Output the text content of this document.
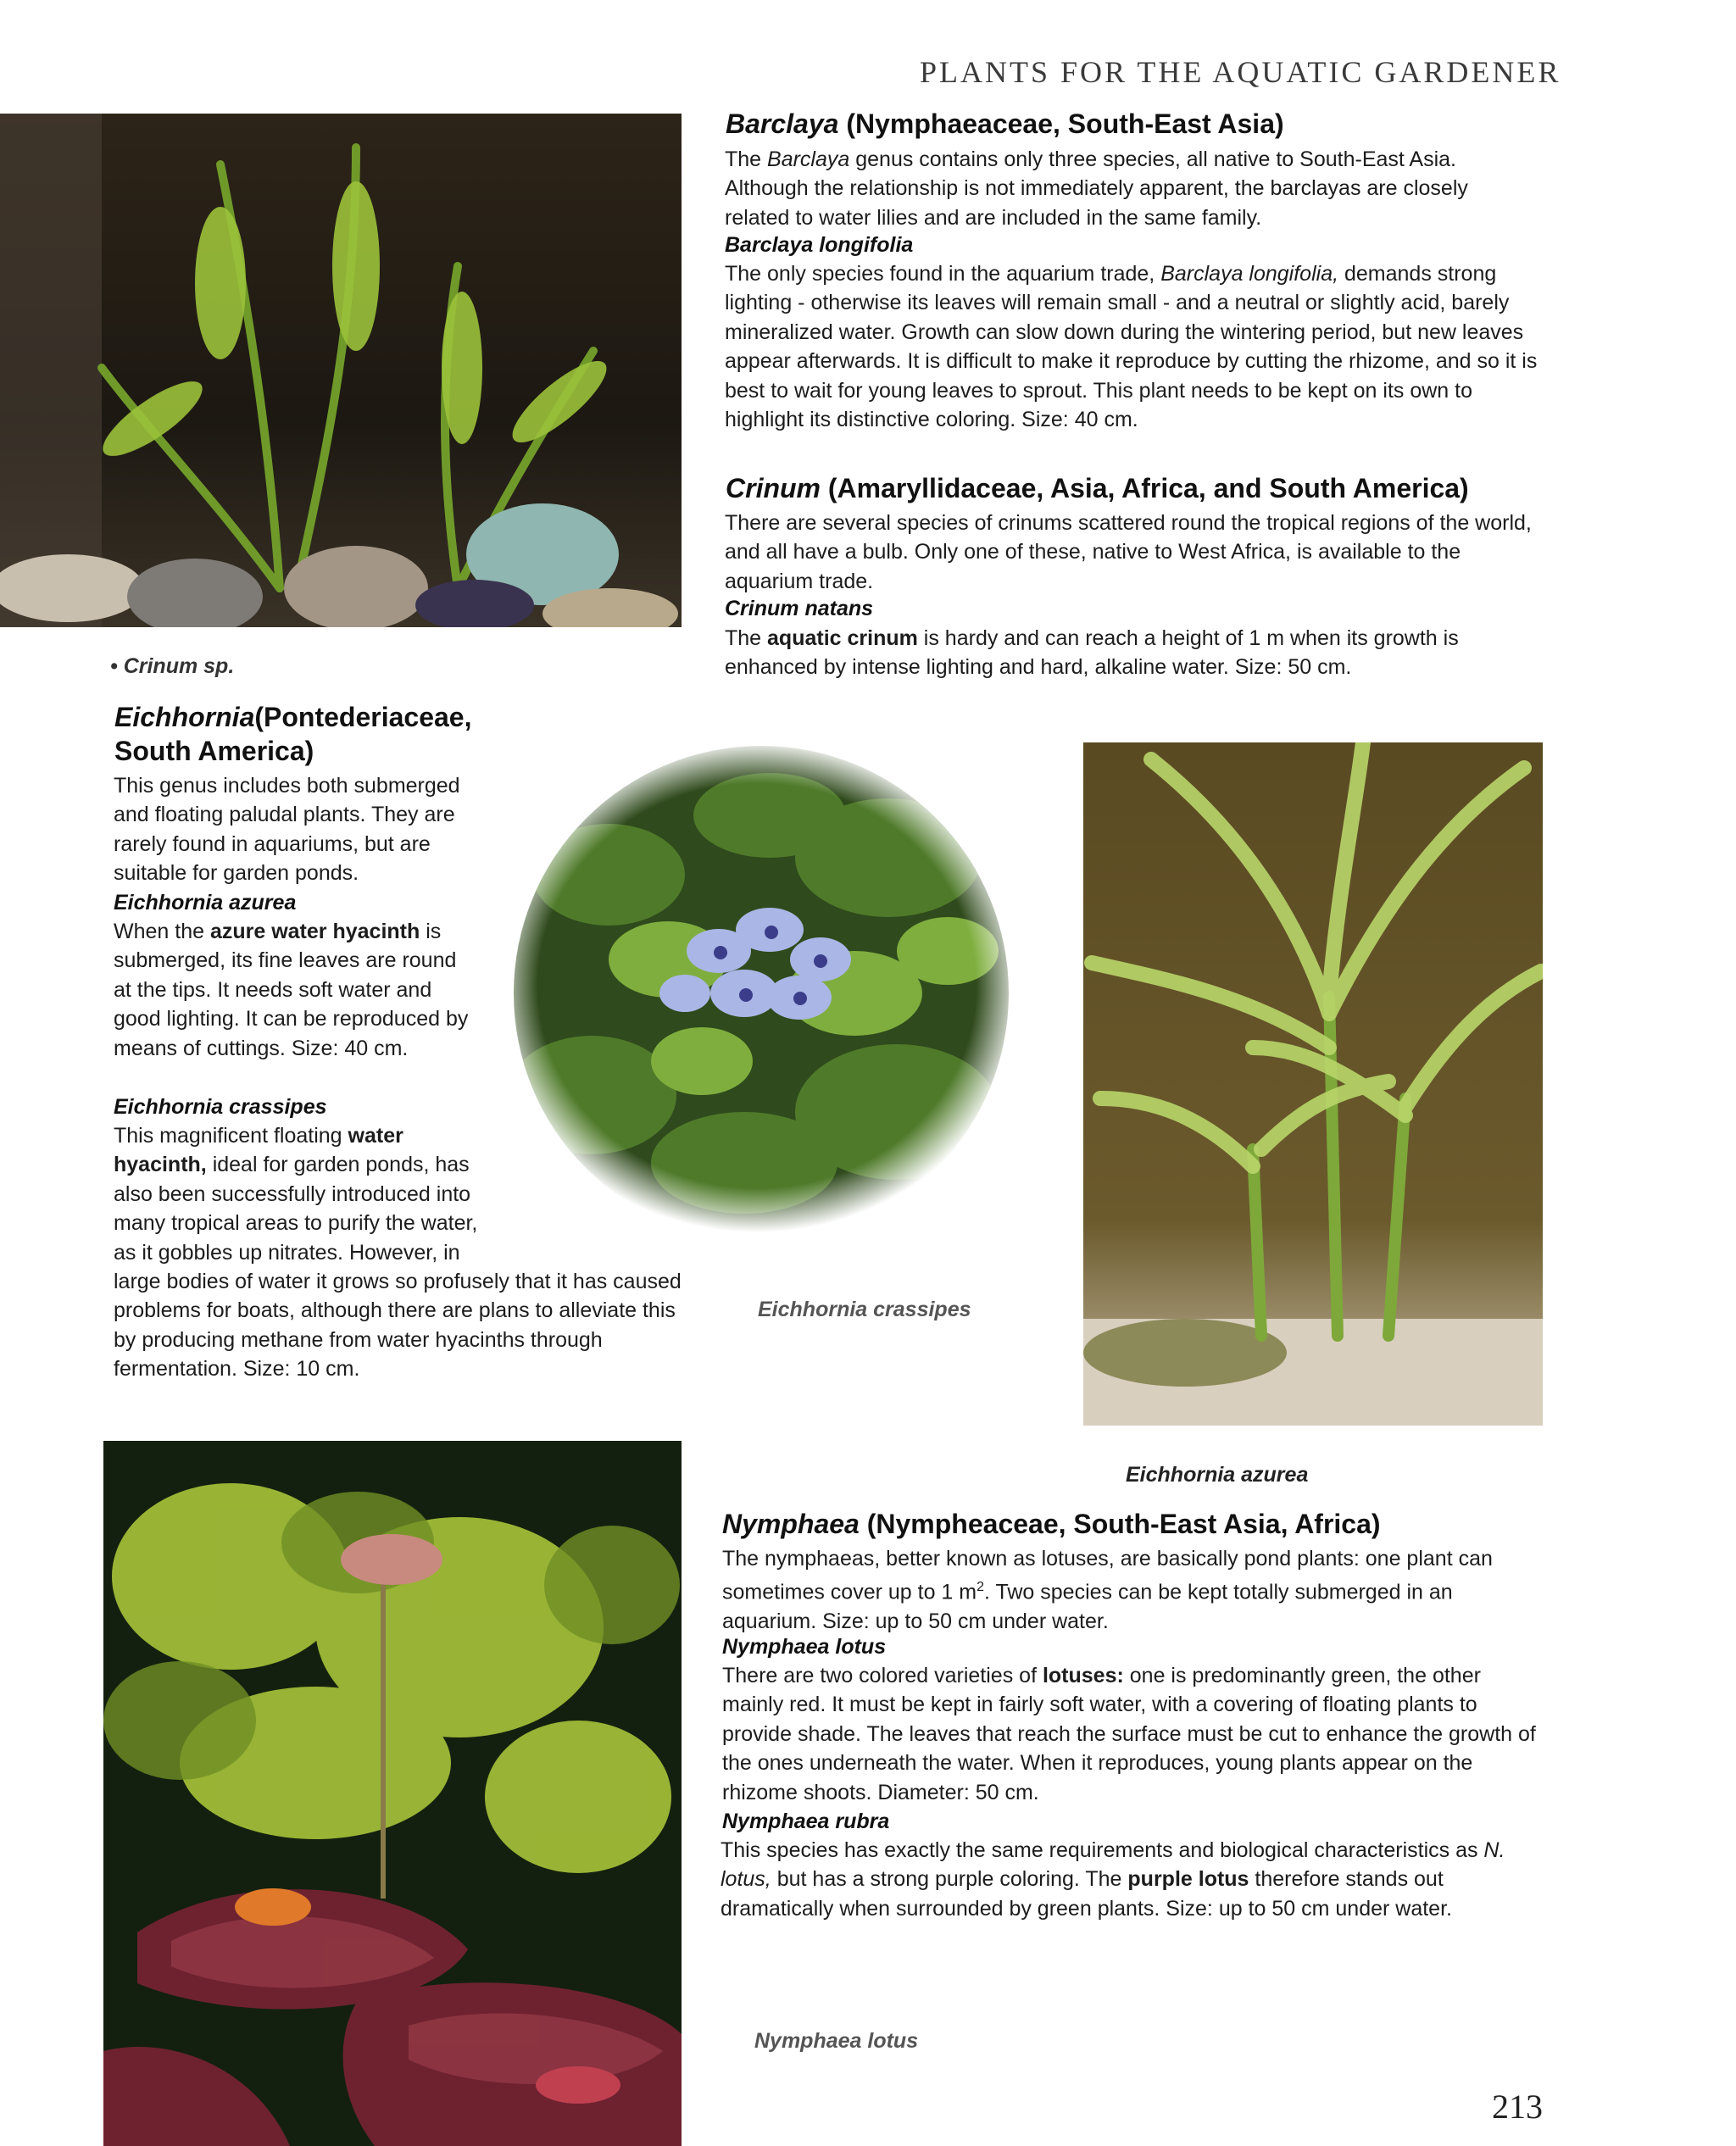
PLANTS FOR THE AQUATIC GARDENER
• Crinum sp.
Barclaya (Nymphaeaceae, South-East Asia)

The Barclaya genus contains only three species, all native to South-East Asia. Although the relationship is not immediately apparent, the barclayas are closely related to water lilies and are included in the same family.

Barclaya longifolia

The only species found in the aquarium trade, Barclaya longifolia, demands strong lighting - otherwise its leaves will remain small - and a neutral or slightly acid, barely mineralized water. Growth can slow down during the wintering period, but new leaves appear afterwards. It is difficult to make it reproduce by cutting the rhizome, and so it is best to wait for young leaves to sprout. This plant needs to be kept on its own to highlight its distinctive coloring. Size: 40 cm.

Crinum (Amaryllidaceae, Asia, Africa, and South America)

There are several species of crinums scattered round the tropical regions of the world, and all have a bulb. Only one of these, native to West Africa, is available to the aquarium trade.

Crinum natans

The aquatic crinum is hardy and can reach a height of 1 m when its growth is enhanced by intense lighting and hard, alkaline water. Size: 50 cm.

Eichhornia(Pontederiaceae,
South America)

This genus includes both submerged and floating paludal plants. They are rarely found in aquariums, but are suitable for garden ponds.

Eichhornia azurea

When the azure water hyacinth is submerged, its fine leaves are round at the tips. It needs soft water and good lighting. It can be reproduced by means of cuttings. Size: 40 cm.

Eichhornia crassipes

This magnificent floating water hyacinth, ideal for garden ponds, has also been successfully introduced into many tropical areas to purify the water, as it gobbles up nitrates. However, in large bodies of water it grows so profusely that it has caused problems for boats, although there are plans to alleviate this by producing methane from water hyacinths through fermentation. Size: 10 cm.

Eichhornia crassipes
Eichhornia azurea
Nymphaea (Nympheaceae, South-East Asia, Africa)

The nymphaeas, better known as lotuses, are basically pond plants: one plant can sometimes cover up to 1 $m^2$. Two species can be kept totally submerged in an aquarium. Size: up to 50 cm under water.

Nymphaea lotus

There are two colored varieties of lotuses: one is predominantly green, the other mainly red. It must be kept in fairly soft water, with a covering of floating plants to provide shade. The leaves that reach the surface must be cut to enhance the growth of the ones underneath the water. When it reproduces, young plants appear on the rhizome shoots. Diameter: 50 cm.

Nymphaea rubra

This species has exactly the same requirements and biological characteristics as N. lotus, but has a strong purple coloring. The purple lotus therefore stands out dramatically when surrounded by green plants. Size: up to 50 cm under water.

Nymphaea lotus
213
